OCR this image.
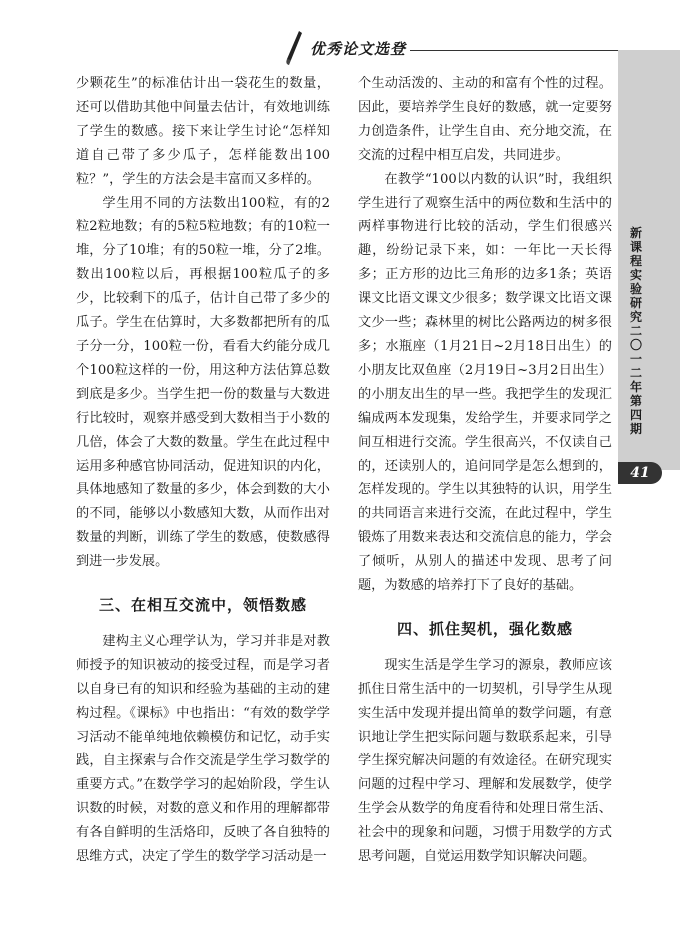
优秀论文选登
新课程实验研究　二〇一二年　第四期
41

少颗花生”的标准估计出一袋花生的数量，还可以借助其他中间量去估计，有效地训练了学生的数感。接下来让学生讨论“怎样知道自己带了多少瓜子，怎样能数出100粒？”，学生的方法会是丰富而又多样的。

学生用不同的方法数出100粒，有的2粒2粒地数；有的5粒5粒地数；有的10粒一堆，分了10堆；有的50粒一堆，分了2堆。数出100粒以后，再根据100粒瓜子的多少，比较剩下的瓜子，估计自己带了多少的瓜子。学生在估算时，大多数都把所有的瓜子分一分，100粒一份，看看大约能分成几个100粒这样的一份，用这种方法估算总数到底是多少。当学生把一份的数量与大数进行比较时，观察并感受到大数相当于小数的几倍，体会了大数的数量。学生在此过程中运用多种感官协同活动，促进知识的内化，具体地感知了数量的多少，体会到数的大小的不同，能够以小数感知大数，从而作出对数量的判断，训练了学生的数感，使数感得到进一步发展。

三、在相互交流中，领悟数感

建构主义心理学认为，学习并非是对教师授予的知识被动的接受过程，而是学习者以自身已有的知识和经验为基础的主动的建构过程。《课标》中也指出：“有效的数学学习活动不能单纯地依赖模仿和记忆，动手实践，自主探索与合作交流是学生学习数学的重要方式。”在数学学习的起始阶段，学生认识数的时候，对数的意义和作用的理解都带有各自鲜明的生活烙印，反映了各自独特的思维方式，决定了学生的数学学习活动是一

个生动活泼的、主动的和富有个性的过程。因此，要培养学生良好的数感，就一定要努力创造条件，让学生自由、充分地交流，在交流的过程中相互启发，共同进步。

在教学“100以内数的认识”时，我组织学生进行了观察生活中的两位数和生活中的两样事物进行比较的活动，学生们很感兴趣，纷纷记录下来，如：一年比一天长得多；正方形的边比三角形的边多1条；英语课文比语文课文少很多；数学课文比语文课文少一些；森林里的树比公路两边的树多很多；水瓶座（1月21日~2月18日出生）的小朋友比双鱼座（2月19日~3月2日出生）的小朋友出生的早一些。我把学生的发现汇编成两本发现集，发给学生，并要求同学之间互相进行交流。学生很高兴，不仅读自己的，还读别人的，追问同学是怎么想到的，怎样发现的。学生以其独特的认识，用学生的共同语言来进行交流，在此过程中，学生锻炼了用数来表达和交流信息的能力，学会了倾听，从别人的描述中发现、思考了问题，为数感的培养打下了良好的基础。

四、抓住契机，强化数感

现实生活是学生学习的源泉，教师应该抓住日常生活中的一切契机，引导学生从现实生活中发现并提出简单的数学问题，有意识地让学生把实际问题与数联系起来，引导学生探究解决问题的有效途径。在研究现实问题的过程中学习、理解和发展数学，使学生学会从数学的角度看待和处理日常生活、社会中的现象和问题，习惯于用数学的方式思考问题，自觉运用数学知识解决问题。
